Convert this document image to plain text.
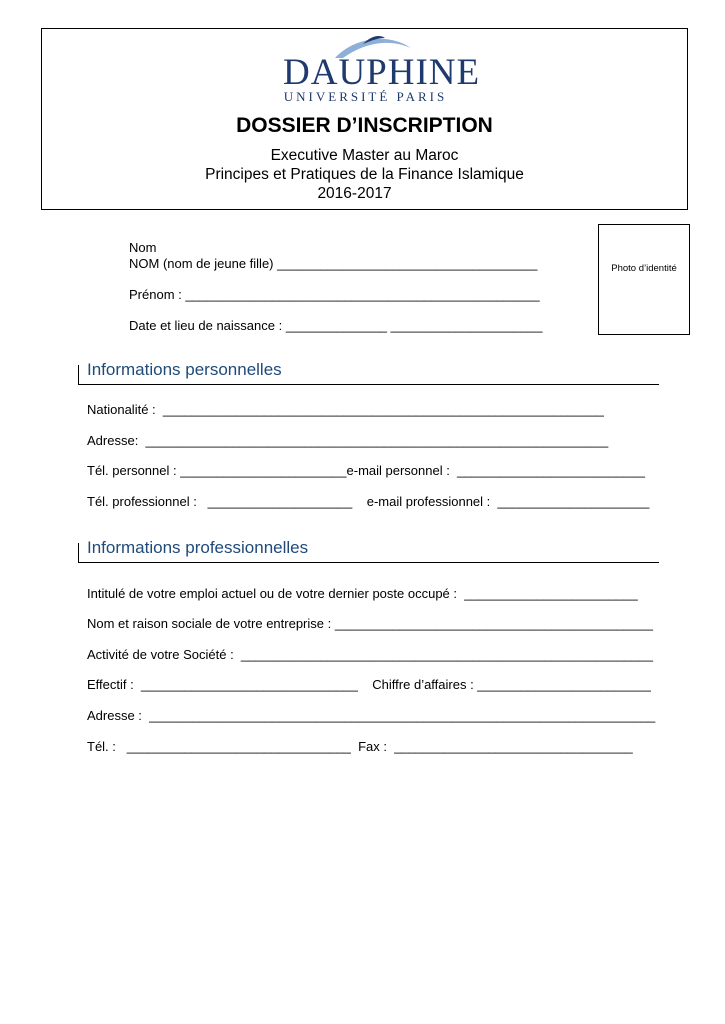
DAUPHINE
UNIVERSITÉ PARIS
DOSSIER D’INSCRIPTION
Executive Master au Maroc
Principes et Pratiques de la Finance Islamique
2016-2017
Nom
NOM (nom de jeune fille) ____________________________________
Prénom : _________________________________________________
Date et lieu de naissance : ______________ _____________________
Photo d’identité
Informations personnelles
Nationalité :  _____________________________________________________________
Adresse:  ________________________________________________________________
Tél. personnel : _______________________e-mail personnel :  __________________________
Tél. professionnel :   ____________________    e-mail professionnel :  _____________________
Informations professionnelles
Intitulé de votre emploi actuel ou de votre dernier poste occupé :  ________________________
Nom et raison sociale de votre entreprise : ____________________________________________
Activité de votre Société :  _________________________________________________________
Effectif :  ______________________________    Chiffre d’affaires : ________________________
Adresse :  ______________________________________________________________________
Tél. :   _______________________________  Fax :  _________________________________
